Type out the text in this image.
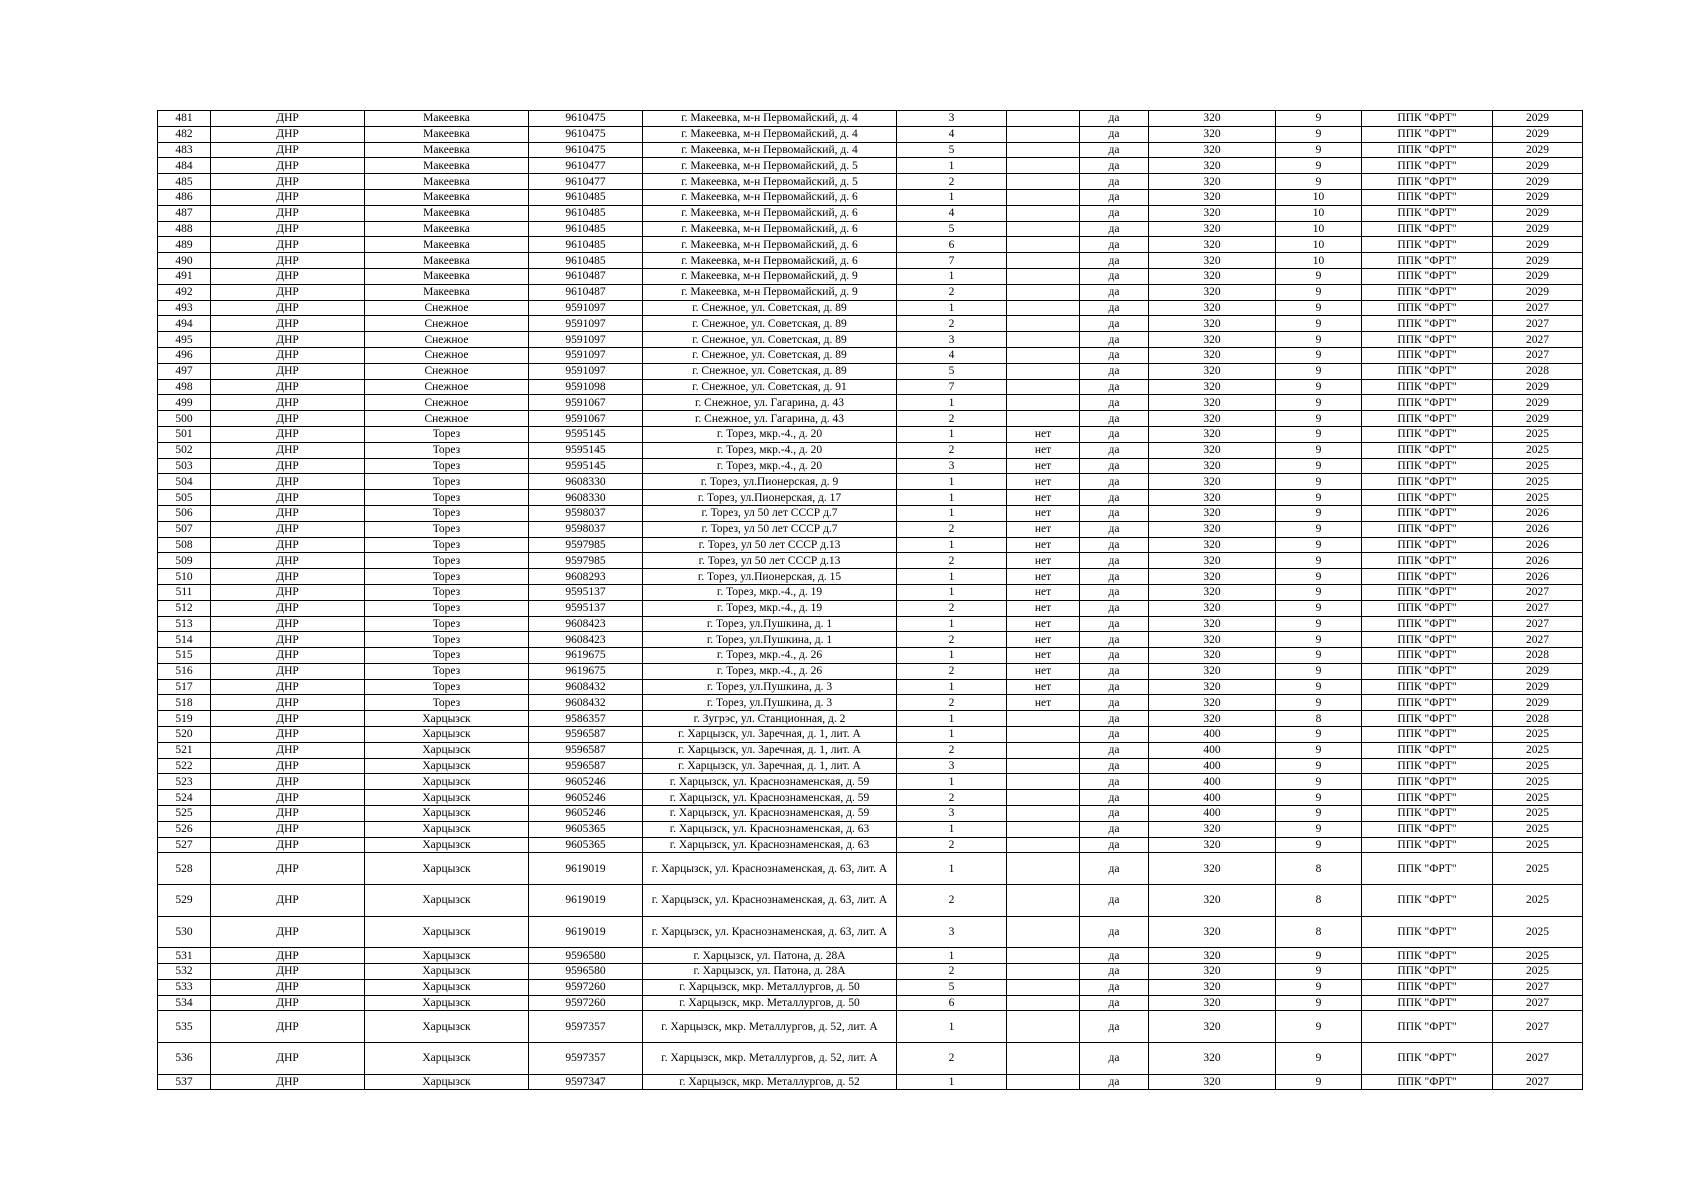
481	ДНР	Макеевка	9610475	г. Макеевка, м-н Первомайский, д. 4	3		да	320	9	ППК "ФРТ"	2029
482	ДНР	Макеевка	9610475	г. Макеевка, м-н Первомайский, д. 4	4		да	320	9	ППК "ФРТ"	2029
483	ДНР	Макеевка	9610475	г. Макеевка, м-н Первомайский, д. 4	5		да	320	9	ППК "ФРТ"	2029
484	ДНР	Макеевка	9610477	г. Макеевка, м-н Первомайский, д. 5	1		да	320	9	ППК "ФРТ"	2029
485	ДНР	Макеевка	9610477	г. Макеевка, м-н Первомайский, д. 5	2		да	320	9	ППК "ФРТ"	2029
486	ДНР	Макеевка	9610485	г. Макеевка, м-н Первомайский, д. 6	1		да	320	10	ППК "ФРТ"	2029
487	ДНР	Макеевка	9610485	г. Макеевка, м-н Первомайский, д. 6	4		да	320	10	ППК "ФРТ"	2029
488	ДНР	Макеевка	9610485	г. Макеевка, м-н Первомайский, д. 6	5		да	320	10	ППК "ФРТ"	2029
489	ДНР	Макеевка	9610485	г. Макеевка, м-н Первомайский, д. 6	6		да	320	10	ППК "ФРТ"	2029
490	ДНР	Макеевка	9610485	г. Макеевка, м-н Первомайский, д. 6	7		да	320	10	ППК "ФРТ"	2029
491	ДНР	Макеевка	9610487	г. Макеевка, м-н Первомайский, д. 9	1		да	320	9	ППК "ФРТ"	2029
492	ДНР	Макеевка	9610487	г. Макеевка, м-н Первомайский, д. 9	2		да	320	9	ППК "ФРТ"	2029
493	ДНР	Снежное	9591097	г. Снежное, ул. Советская, д. 89	1		да	320	9	ППК "ФРТ"	2027
494	ДНР	Снежное	9591097	г. Снежное, ул. Советская, д. 89	2		да	320	9	ППК "ФРТ"	2027
495	ДНР	Снежное	9591097	г. Снежное, ул. Советская, д. 89	3		да	320	9	ППК "ФРТ"	2027
496	ДНР	Снежное	9591097	г. Снежное, ул. Советская, д. 89	4		да	320	9	ППК "ФРТ"	2027
497	ДНР	Снежное	9591097	г. Снежное, ул. Советская, д. 89	5		да	320	9	ППК "ФРТ"	2028
498	ДНР	Снежное	9591098	г. Снежное, ул. Советская, д. 91	7		да	320	9	ППК "ФРТ"	2029
499	ДНР	Снежное	9591067	г. Снежное, ул. Гагарина, д. 43	1		да	320	9	ППК "ФРТ"	2029
500	ДНР	Снежное	9591067	г. Снежное, ул. Гагарина, д. 43	2		да	320	9	ППК "ФРТ"	2029
501	ДНР	Торез	9595145	г. Торез, мкр.-4., д. 20	1	нет	да	320	9	ППК "ФРТ"	2025
502	ДНР	Торез	9595145	г. Торез, мкр.-4., д. 20	2	нет	да	320	9	ППК "ФРТ"	2025
503	ДНР	Торез	9595145	г. Торез, мкр.-4., д. 20	3	нет	да	320	9	ППК "ФРТ"	2025
504	ДНР	Торез	9608330	г. Торез, ул.Пионерская, д. 9	1	нет	да	320	9	ППК "ФРТ"	2025
505	ДНР	Торез	9608330	г. Торез, ул.Пионерская, д. 17	1	нет	да	320	9	ППК "ФРТ"	2025
506	ДНР	Торез	9598037	г. Торез, ул 50 лет СССР д.7	1	нет	да	320	9	ППК "ФРТ"	2026
507	ДНР	Торез	9598037	г. Торез, ул 50 лет СССР д.7	2	нет	да	320	9	ППК "ФРТ"	2026
508	ДНР	Торез	9597985	г. Торез, ул 50 лет СССР д.13	1	нет	да	320	9	ППК "ФРТ"	2026
509	ДНР	Торез	9597985	г. Торез, ул 50 лет СССР д.13	2	нет	да	320	9	ППК "ФРТ"	2026
510	ДНР	Торез	9608293	г. Торез, ул.Пионерская, д. 15	1	нет	да	320	9	ППК "ФРТ"	2026
511	ДНР	Торез	9595137	г. Торез, мкр.-4., д. 19	1	нет	да	320	9	ППК "ФРТ"	2027
512	ДНР	Торез	9595137	г. Торез, мкр.-4., д. 19	2	нет	да	320	9	ППК "ФРТ"	2027
513	ДНР	Торез	9608423	г. Торез, ул.Пушкина, д. 1	1	нет	да	320	9	ППК "ФРТ"	2027
514	ДНР	Торез	9608423	г. Торез, ул.Пушкина, д. 1	2	нет	да	320	9	ППК "ФРТ"	2027
515	ДНР	Торез	9619675	г. Торез, мкр.-4., д. 26	1	нет	да	320	9	ППК "ФРТ"	2028
516	ДНР	Торез	9619675	г. Торез, мкр.-4., д. 26	2	нет	да	320	9	ППК "ФРТ"	2029
517	ДНР	Торез	9608432	г. Торез, ул.Пушкина, д. 3	1	нет	да	320	9	ППК "ФРТ"	2029
518	ДНР	Торез	9608432	г. Торез, ул.Пушкина, д. 3	2	нет	да	320	9	ППК "ФРТ"	2029
519	ДНР	Харцызск	9586357	г. Зугрэс, ул. Станционная, д. 2	1		да	320	8	ППК "ФРТ"	2028
520	ДНР	Харцызск	9596587	г. Харцызск, ул. Заречная, д. 1, лит. А	1		да	400	9	ППК "ФРТ"	2025
521	ДНР	Харцызск	9596587	г. Харцызск, ул. Заречная, д. 1, лит. А	2		да	400	9	ППК "ФРТ"	2025
522	ДНР	Харцызск	9596587	г. Харцызск, ул. Заречная, д. 1, лит. А	3		да	400	9	ППК "ФРТ"	2025
523	ДНР	Харцызск	9605246	г. Харцызск, ул. Краснознаменская, д. 59	1		да	400	9	ППК "ФРТ"	2025
524	ДНР	Харцызск	9605246	г. Харцызск, ул. Краснознаменская, д. 59	2		да	400	9	ППК "ФРТ"	2025
525	ДНР	Харцызск	9605246	г. Харцызск, ул. Краснознаменская, д. 59	3		да	400	9	ППК "ФРТ"	2025
526	ДНР	Харцызск	9605365	г. Харцызск, ул. Краснознаменская, д. 63	1		да	320	9	ППК "ФРТ"	2025
527	ДНР	Харцызск	9605365	г. Харцызск, ул. Краснознаменская, д. 63	2		да	320	9	ППК "ФРТ"	2025
528	ДНР	Харцызск	9619019	г. Харцызск, ул. Краснознаменская, д. 63, лит. А	1		да	320	8	ППК "ФРТ"	2025
529	ДНР	Харцызск	9619019	г. Харцызск, ул. Краснознаменская, д. 63, лит. А	2		да	320	8	ППК "ФРТ"	2025
530	ДНР	Харцызск	9619019	г. Харцызск, ул. Краснознаменская, д. 63, лит. А	3		да	320	8	ППК "ФРТ"	2025
531	ДНР	Харцызск	9596580	г. Харцызск, ул. Патона, д. 28А	1		да	320	9	ППК "ФРТ"	2025
532	ДНР	Харцызск	9596580	г. Харцызск, ул. Патона, д. 28А	2		да	320	9	ППК "ФРТ"	2025
533	ДНР	Харцызск	9597260	г. Харцызск, мкр. Металлургов, д. 50	5		да	320	9	ППК "ФРТ"	2027
534	ДНР	Харцызск	9597260	г. Харцызск, мкр. Металлургов, д. 50	6		да	320	9	ППК "ФРТ"	2027
535	ДНР	Харцызск	9597357	г. Харцызск, мкр. Металлургов, д. 52, лит. А	1		да	320	9	ППК "ФРТ"	2027
536	ДНР	Харцызск	9597357	г. Харцызск, мкр. Металлургов, д. 52, лит. А	2		да	320	9	ППК "ФРТ"	2027
537	ДНР	Харцызск	9597347	г. Харцызск, мкр. Металлургов, д. 52	1		да	320	9	ППК "ФРТ"	2027
